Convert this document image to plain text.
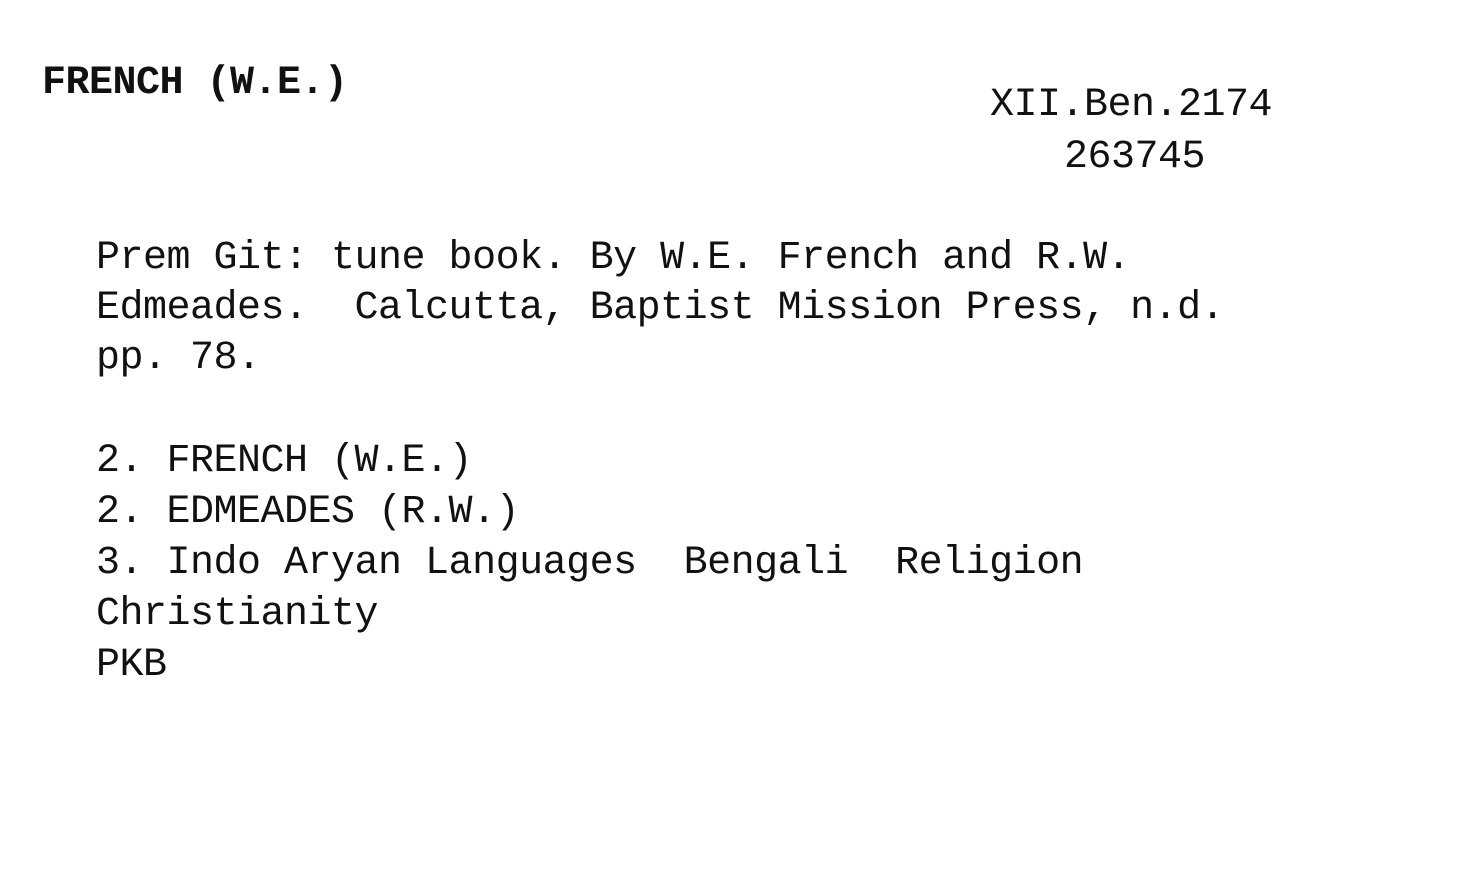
FRENCH (W.E.)	XII.Ben.2174
263745
Prem Git: tune book. By W.E. French and R.W.
Edmeades.  Calcutta, Baptist Mission Press, n.d.
pp. 78.
2. FRENCH (W.E.)
2. EDMEADES (R.W.)
3. Indo Aryan Languages  Bengali  Religion
Christianity
PKB
